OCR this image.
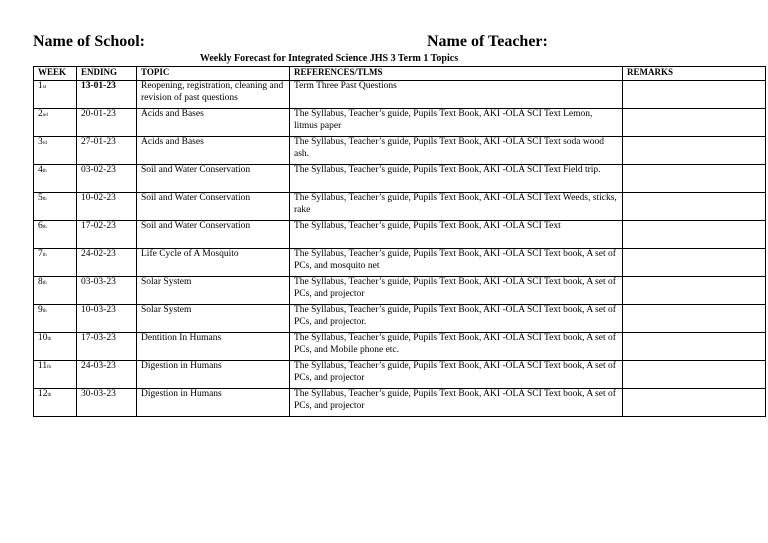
Name of School:	Name of Teacher:
Weekly Forecast for Integrated Science JHS 3 Term 1 Topics
WEEK	ENDING	TOPIC	REFERENCES/TLMS	REMARKS
1st	13-01-23	Reopening, registration, cleaning and revision of past questions	Term Three Past Questions	
2nd	20-01-23	Acids and Bases	The Syllabus, Teacher’s guide, Pupils Text Book, AKI -OLA SCI Text Lemon, litmus paper	
3rd	27-01-23	Acids and Bases	The Syllabus, Teacher’s guide, Pupils Text Book, AKI -OLA SCI Text soda wood ash.	
4th	03-02-23	Soil and Water Conservation	The Syllabus, Teacher’s guide, Pupils Text Book, AKI -OLA SCI Text Field trip.	
5th	10-02-23	Soil and Water Conservation	The Syllabus, Teacher’s guide, Pupils Text Book, AKI -OLA SCI Text Weeds, sticks, rake	
6th	17-02-23	Soil and Water Conservation	The Syllabus, Teacher’s guide, Pupils Text Book, AKI -OLA SCI Text	
7th	24-02-23	Life Cycle of A Mosquito	The Syllabus, Teacher’s guide, Pupils Text Book, AKI -OLA SCI Text book, A set of PCs, and mosquito net	
8th	03-03-23	Solar System	The Syllabus, Teacher’s guide, Pupils Text Book, AKI -OLA SCI Text book, A set of PCs, and projector	
9th	10-03-23	Solar System	The Syllabus, Teacher’s guide, Pupils Text Book, AKI -OLA SCI Text book, A set of PCs, and projector.	
10th	17-03-23	Dentition In Humans	The Syllabus, Teacher’s guide, Pupils Text Book, AKI -OLA SCI Text book, A set of PCs, and Mobile phone etc.	
11th	24-03-23	Digestion in Humans	The Syllabus, Teacher’s guide, Pupils Text Book, AKI -OLA SCI Text book, A set of PCs, and projector	
12th	30-03-23	Digestion in Humans	The Syllabus, Teacher’s guide, Pupils Text Book, AKI -OLA SCI Text book, A set of PCs, and projector	
